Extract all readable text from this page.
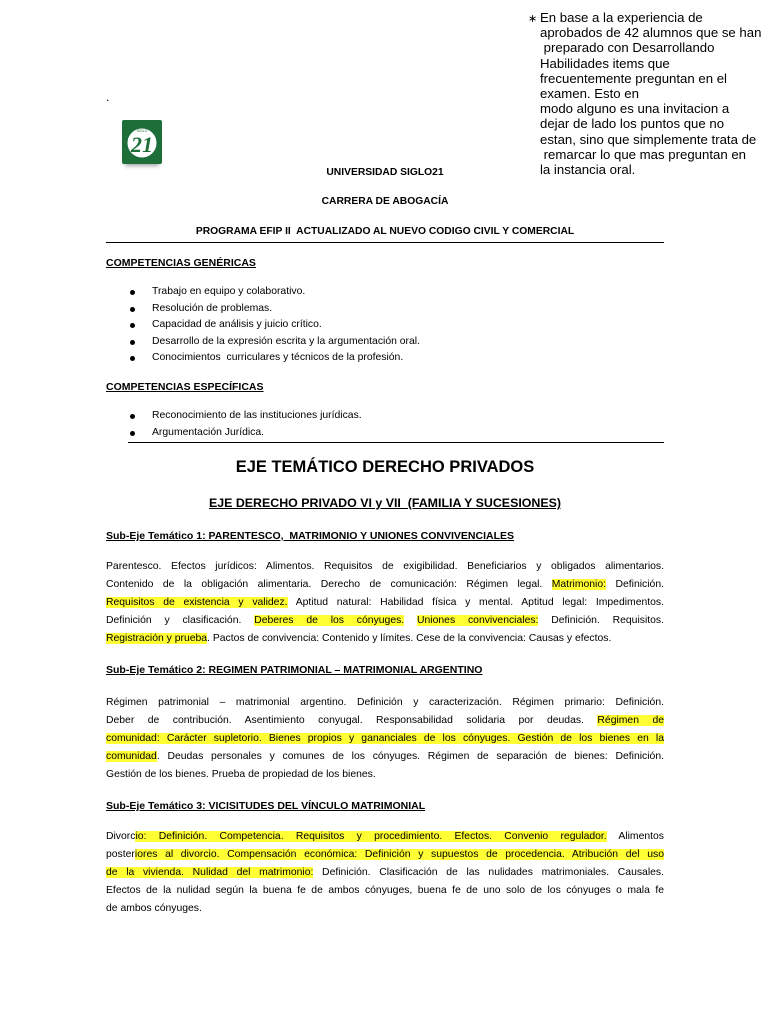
∗ En base a la experiencia de
aprobados de 42 alumnos que se han
preparado con Desarrollando
Habilidades items que
frecuentemente preguntan en el
examen. Esto en
modo alguno es una invitacion a
dejar de lado los puntos que no
estan, sino que simplemente trata de
remarcar lo que mas preguntan en
la instancia oral.
.
SIGLO
21
UNIVERSIDAD SIGLO21
CARRERA DE ABOGACÍA
PROGRAMA EFIP II  ACTUALIZADO AL NUEVO CODIGO CIVIL Y COMERCIAL
COMPETENCIAS GENÉRICAS
Trabajo en equipo y colaborativo.
Resolución de problemas.
Capacidad de análisis y juicio crítico.
Desarrollo de la expresión escrita y la argumentación oral.
Conocimientos  curriculares y técnicos de la profesión.
COMPETENCIAS ESPECÍFICAS
Reconocimiento de las instituciones jurídicas.
Argumentación Jurídica.
EJE TEMÁTICO DERECHO PRIVADOS
EJE DERECHO PRIVADO VI y VII  (FAMILIA Y SUCESIONES)
Sub-Eje Temático 1: PARENTESCO,  MATRIMONIO Y UNIONES CONVIVENCIALES
Parentesco. Efectos jurídicos: Alimentos. Requisitos de exigibilidad. Beneficiarios y obligados alimentarios.
Contenido de la obligación alimentaria. Derecho de comunicación: Régimen legal. Matrimonio: Definición.
Requisitos de existencia y validez. Aptitud natural: Habilidad física y mental. Aptitud legal: Impedimentos.
Definición y clasificación. Deberes de los cónyuges. Uniones convivenciales: Definición. Requisitos.
Registración y prueba. Pactos de convivencia: Contenido y límites. Cese de la convivencia: Causas y efectos.
Sub-Eje Temático 2: REGIMEN PATRIMONIAL – MATRIMONIAL ARGENTINO
Régimen patrimonial – matrimonial argentino. Definición y caracterización. Régimen primario: Definición.
Deber de contribución. Asentimiento conyugal. Responsabilidad solidaria por deudas. Régimen de
comunidad: Carácter supletorio. Bienes propios y gananciales de los cónyuges. Gestión de los bienes en la
comunidad. Deudas personales y comunes de los cónyuges. Régimen de separación de bienes: Definición.
Gestión de los bienes. Prueba de propiedad de los bienes.
Sub-Eje Temático 3: VICISITUDES DEL VÍNCULO MATRIMONIAL
Divorcio: Definición. Competencia. Requisitos y procedimiento. Efectos. Convenio regulador. Alimentos
posteriores al divorcio. Compensación económica: Definición y supuestos de procedencia. Atribución del uso
de la vivienda. Nulidad del matrimonio: Definición. Clasificación de las nulidades matrimoniales. Causales.
Efectos de la nulidad según la buena fe de ambos cónyuges, buena fe de uno solo de los cónyuges o mala fe
de ambos cónyuges.
